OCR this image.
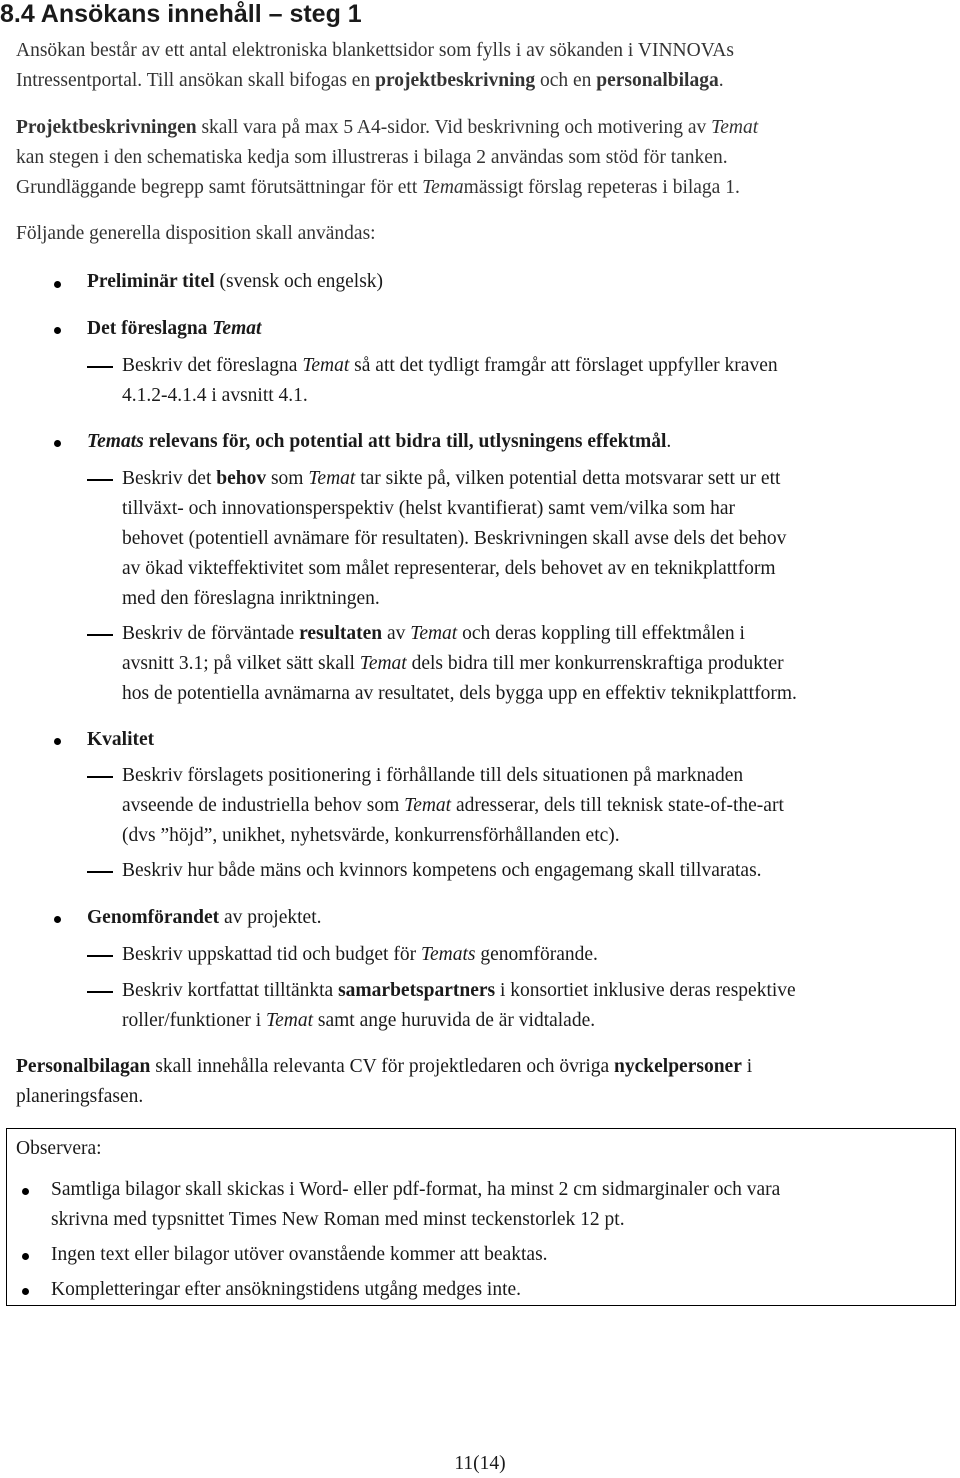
8.4 Ansökans innehåll – steg 1

Ansökan består av ett antal elektroniska blankettsidor som fylls i av sökanden i VINNOVAs
Intressentportal. Till ansökan skall bifogas en projektbeskrivning och en personalbilaga.

Projektbeskrivningen skall vara på max 5 A4-sidor. Vid beskrivning och motivering av Temat
kan stegen i den schematiska kedja som illustreras i bilaga 2 användas som stöd för tanken.
Grundläggande begrepp samt förutsättningar för ett Temamässigt förslag repeteras i bilaga 1.

Följande generella disposition skall användas:

Preliminär titel (svensk och engelsk)

Det föreslagna Temat

Beskriv det föreslagna Temat så att det tydligt framgår att förslaget uppfyller kraven
4.1.2-4.1.4 i avsnitt 4.1.

Temats relevans för, och potential att bidra till, utlysningens effektmål.

Beskriv det behov som Temat tar sikte på, vilken potential detta motsvarar sett ur ett
tillväxt- och innovationsperspektiv (helst kvantifierat) samt vem/vilka som har
behovet (potentiell avnämare för resultaten). Beskrivningen skall avse dels det behov
av ökad vikteffektivitet som målet representerar, dels behovet av en teknikplattform
med den föreslagna inriktningen.

Beskriv de förväntade resultaten av Temat och deras koppling till effektmålen i
avsnitt 3.1; på vilket sätt skall Temat dels bidra till mer konkurrenskraftiga produkter
hos de potentiella avnämarna av resultatet, dels bygga upp en effektiv teknikplattform.

Kvalitet

Beskriv förslagets positionering i förhållande till dels situationen på marknaden
avseende de industriella behov som Temat adresserar, dels till teknisk state-of-the-art
(dvs ”höjd”, unikhet, nyhetsvärde, konkurrensförhållanden etc).

Beskriv hur både mäns och kvinnors kompetens och engagemang skall tillvaratas.

Genomförandet av projektet.

Beskriv uppskattad tid och budget för Temats genomförande.

Beskriv kortfattat tilltänkta samarbetspartners i konsortiet inklusive deras respektive
roller/funktioner i Temat samt ange huruvida de är vidtalade.

Personalbilagan skall innehålla relevanta CV för projektledaren och övriga nyckelpersoner i
planeringsfasen.

Observera:

Samtliga bilagor skall skickas i Word- eller pdf-format, ha minst 2 cm sidmarginaler och vara
skrivna med typsnittet Times New Roman med minst teckenstorlek 12 pt.

Ingen text eller bilagor utöver ovanstående kommer att beaktas.

Kompletteringar efter ansökningstidens utgång medges inte.

11(14)
